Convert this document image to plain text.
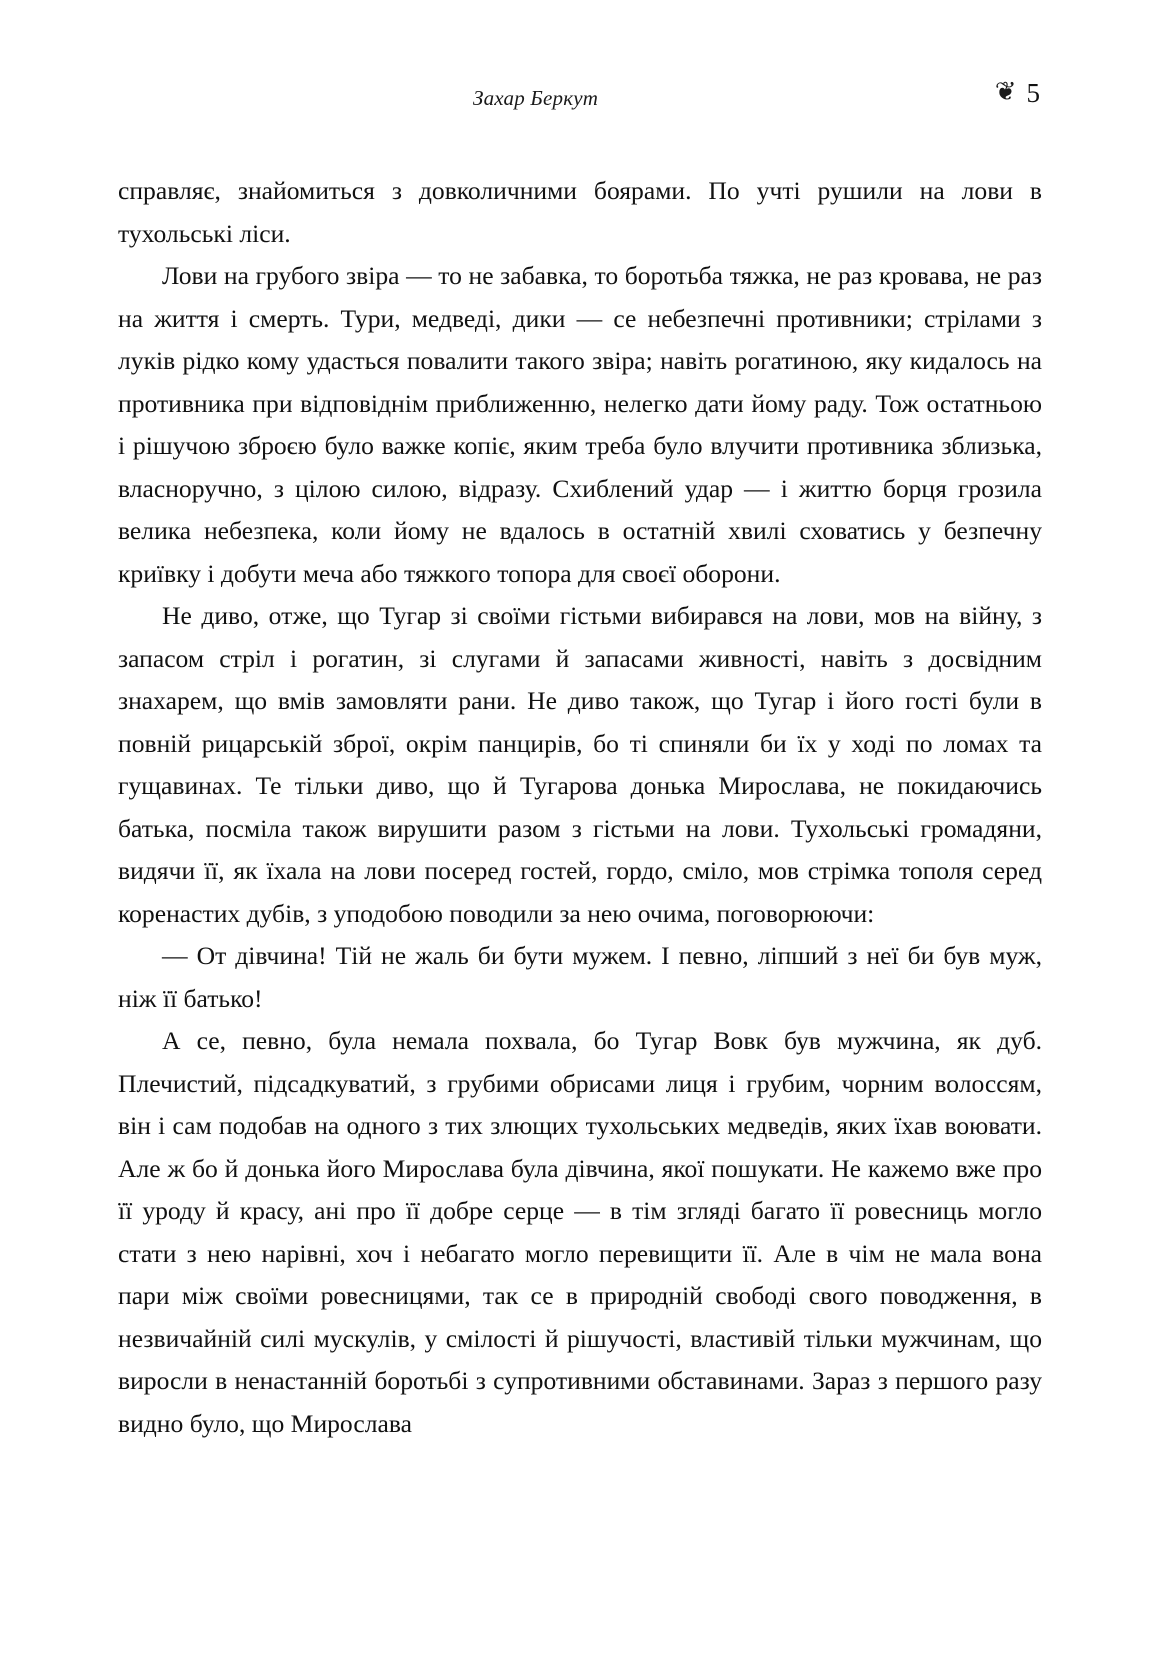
Захар Беркут	❦ 5

справляє, знайомиться з довколичними боярами. По учті рушили на лови в тухольські ліси.

Лови на грубого звіра — то не забавка, то боротьба тяжка, не раз кровава, не раз на життя і смерть. Тури, медведі, дики — се небезпечні противники; стрілами з луків рідко кому удасться повалити такого звіра; навіть рогатиною, яку кидалось на противника при відповіднім приближенню, нелегко дати йому раду. Тож остатньою і рішучою зброєю було важке копіє, яким треба було влучити противника зблизька, власноручно, з цілою силою, відразу. Схиблений удар — і життю борця грозила велика небезпека, коли йому не вдалось в остатній хвилі сховатись у безпечну криївку і добути меча або тяжкого топора для своєї оборони.

Не диво, отже, що Тугар зі своїми гістьми вибирався на лови, мов на війну, з запасом стріл і рогатин, зі слугами й запасами живності, навіть з досвідним знахарем, що вмів замовляти рани. Не диво також, що Тугар і його гості були в повній рицарській зброї, окрім панцирів, бо ті спиняли би їх у ході по ломах та гущавинах. Те тільки диво, що й Тугарова донька Мирослава, не покидаючись батька, посміла також вирушити разом з гістьми на лови. Тухольські громадяни, видячи її, як їхала на лови посеред гостей, гордо, сміло, мов стрімка тополя серед коренастих дубів, з уподобою поводили за нею очима, поговорюючи:

— От дівчина! Тій не жаль би бути мужем. І певно, ліпший з неї би був муж, ніж її батько!

А се, певно, була немала похвала, бо Тугар Вовк був мужчина, як дуб. Плечистий, підсадкуватий, з грубими обрисами лиця і грубим, чорним волоссям, він і сам подобав на одного з тих злющих тухольських медведів, яких їхав воювати. Але ж бо й донька його Мирослава була дівчина, якої пошукати. Не кажемо вже про її уроду й красу, ані про її добре серце — в тім згляді багато її ровесниць могло стати з нею нарівні, хоч і небагато могло перевищити її. Але в чім не мала вона пари між своїми ровесницями, так се в природній свободі свого поводження, в незвичайній силі мускулів, у смілості й рішучості, властивій тільки мужчинам, що виросли в ненастанній боротьбі з супротивними обставинами. Зараз з першого разу видно було, що Мирослава
